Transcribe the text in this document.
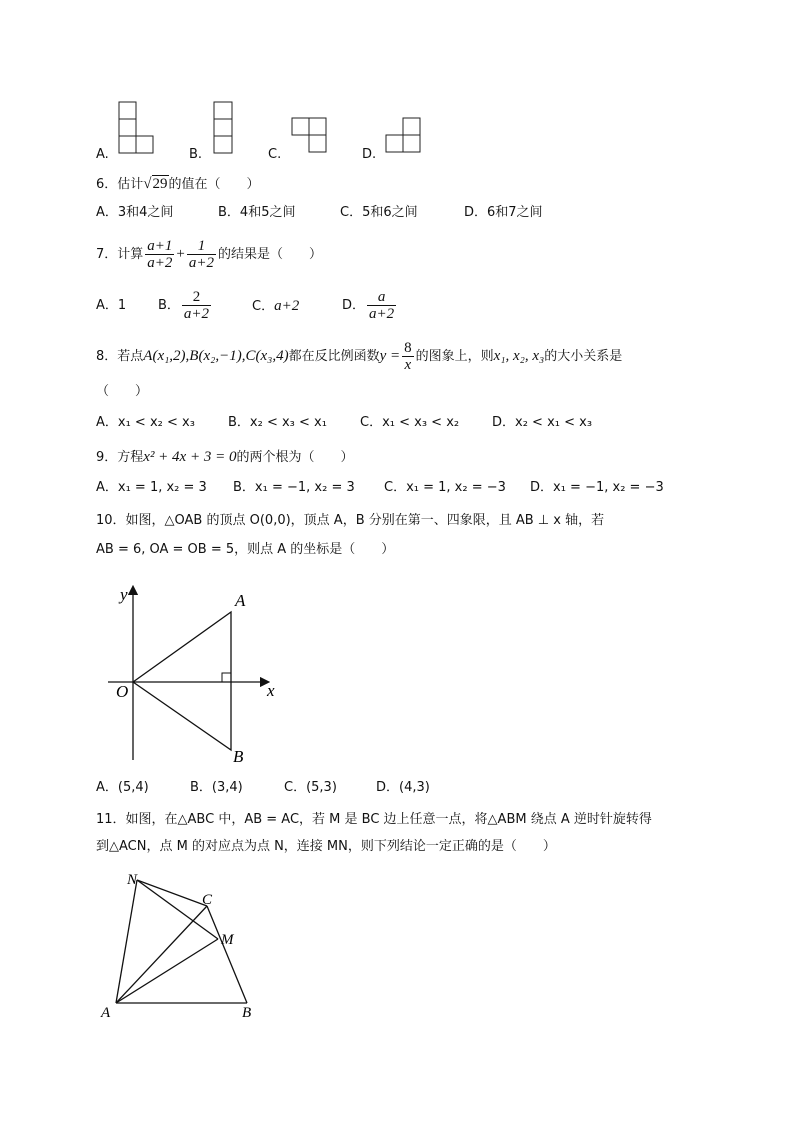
A.	B.	C.	D.
6．估计√29的值在（　　）
A．3和4之间	B．4和5之间	C．5和6之间	D．6和7之间
7．计算 $\frac{a+1}{a+2} + \frac{1}{a+2}$ 的结果是（　　）
A．1 B． $\frac{2}{a+2}$	C．a+2	D． $\frac{a}{a+2}$
8．若点A(x₁,2),B(x₂,−1),C(x₃,4)都在反比例函数$y = \frac{8}{x}$ 的图象上，则x₁, x₂, x₃的大小关系是
（　　）
A．x₁ < x₂ < x₃	B．x₂ < x₃ < x₁	C．x₁ < x₃ < x₂	D．x₂ < x₁ < x₃
9．方程x² + 4x + 3 = 0的两个根为（　　）
A．x₁ = 1, x₂ = 3 B．x₁ = −1, x₂ = 3 C．x₁ = 1, x₂ = −3 D．x₁ = −1, x₂ = −3
10．如图，△OAB 的顶点 O(0,0)，顶点 A，B 分别在第一、四象限，且 AB ⊥ x 轴，若
AB = 6, OA = OB = 5，则点 A 的坐标是（　　）
y	A
O	x
B
A．(5,4)	B．(3,4)	C．(5,3)	D．(4,3)
11．如图，在△ABC 中，AB = AC，若 M 是 BC 边上任意一点，将△ABM 绕点 A 逆时针旋转得
到△ACN，点 M 的对应点为点 N，连接 MN，则下列结论一定正确的是（　　）
N
C
M
A	B
